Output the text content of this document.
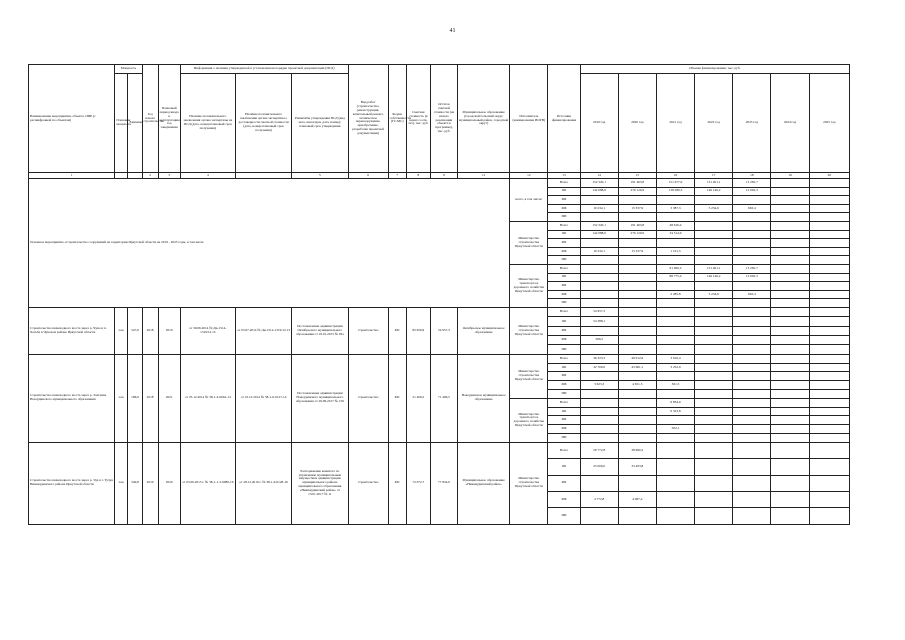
41
Наименование мероприятия, объекта, ПИР (с расшифровкой по объектам)	Мощность		Год начала строительства	Плановый период ввода в эксплуатацию/год завершения	Информация о наличии утвержденной в установленном порядке проектной документации (ПСД)			Вид работ (строительство, реконструкция, капитальный ремонт, техническое перевооружение, приобретение, разработка проектной документации)	Форма собственности (ГС/МС)	Сметная стоимость (в ценах соотв. лет), тыс. руб.	Остаток сметной стоимости (на начало реализации объекта в программе), тыс. руб.	Муниципальное образование (городской/сельский округ, муниципальный район, городской округ)	Исполнитель (наименование ИОГВ)	Источник финансирования	Объемы финансирования, тыс. руб.						
	Плановая мощность	Единица			Наличие положительного заключения органа экспертизы на ПСД (дата, номер/плановый срок получения)	Наличие положительного заключения органа экспертизы о достоверности сметной стоимости (дата, номер/плановый срок получения)	Реквизиты утверждения ПСД (вид акта, кем издан, дата, номер)/плановый срок утверждения								2019 год	2020 год	2021 год	2022 год	2023 год	2024 год	2025 год
1			2	3	4		5	6	7	8	9	11	12	13	14	15	16	17	18	19	20
Основное мероприятие «Строительство сооружений на территории Иркутской области на 2019 - 2025 годы, в том числе													всего, в том числе:	Всего	152 320,1	191 463,8	151 677,0	131 401,1	13 265,7		
														ОБ	142 088,0	276 120,9	138 280,3	146 146,2	12 602,3		
														ФБ							
														МБ	10 232,1	15 337,9	3 387,3	5 254,9	663,4		
														ИИ							
													Министерство строительства Иркутской области	Всего	152 320,1	191 463,8	48 616,4				
														ОБ	142 088,0	276 120,9	34 514,9				
														ФБ							
														МБ	10 232,1	15 337,9	1 101,5				
														ИИ							
													Министерство транспорта и дорожного хозяйства Иркутской области	Всего			91 060,2	151 401,1	13 265,7		
														ОБ			88 775,4	146 146,2	12 602,3		
														ФБ							
														МБ			2 285,8	5 254,9	663,4		
														ИИ							
Строительство пешеходного моста через р. Чуна в п. Хотьба в Чунском районе Иркутской области	п.м.	347,6	2018	2019	от 30.06.2014 № Ди-1514-1319/12.13	от 03.07.2014 № Ди-1514-1319/12.13	Постановление администрации Октябрьского муниципального образования от 16.01.2015 № 03а	строительство	МС	82 656,9	54 957,3	Октябрьское муниципальное образование	Министерство строительства Иркутской области	Всего	54 957,3						
														ОБ	54 388,1						
														ФБ							
														МБ	569,2						
														ИИ							
Строительство пешеходного моста через р. Залгаина Новоудинского муниципального образования	п.м.	186,9	2018	2021	от 25.12.2014 № 38-1-4-0044-14	от 10.12.2014 № 38-1-6-0127-14	Постановление администрации Новоудинского муниципального образования от 29.09.2017 № 156	строительство	МС	21 406,5	71 406,5	Новоудинское муниципальное образование	Министерство строительства Иркутской области	Всего	36 323,3	46 912,6	3 616,4				
														ОБ	32 700,0	45 661,1	3 252,9				
														ФБ							
														МБ	3 623,3	4 651,5	361,5				
														ИИ							
													Министерство транспорта и дорожного хозяйства Иркутской области	Всего			6 834,9				
														ОБ			6 323,8				
														ФБ							
														МБ			502,1				
														ИИ							
Строительство пешеходного моста через р. Уда в г. Тулун Нижнеудинского района Иркутской области	п.м.	349,8	2019	2020	от 03.06.2015 г. № 38-1-1-3-0080-16	от 28.12.2016 г. № 38-1-6-0128-16	Распоряжение комитета по управлению муниципальным имуществом администрации муниципального района муниципального образования «Нижнеудинский район» от 13.01.2017 № 11	строительство	МС	72 072,7	77 834,0	Муниципальное образование «Нижнеудинский район»	Министерство строительства Иркутской области	Всего	29 772,8	38 960,2					
														ОБ	25 000,0	33 493,8					
														ФБ							
														МБ	4 772,8	4 967,4					
														ИИ							
